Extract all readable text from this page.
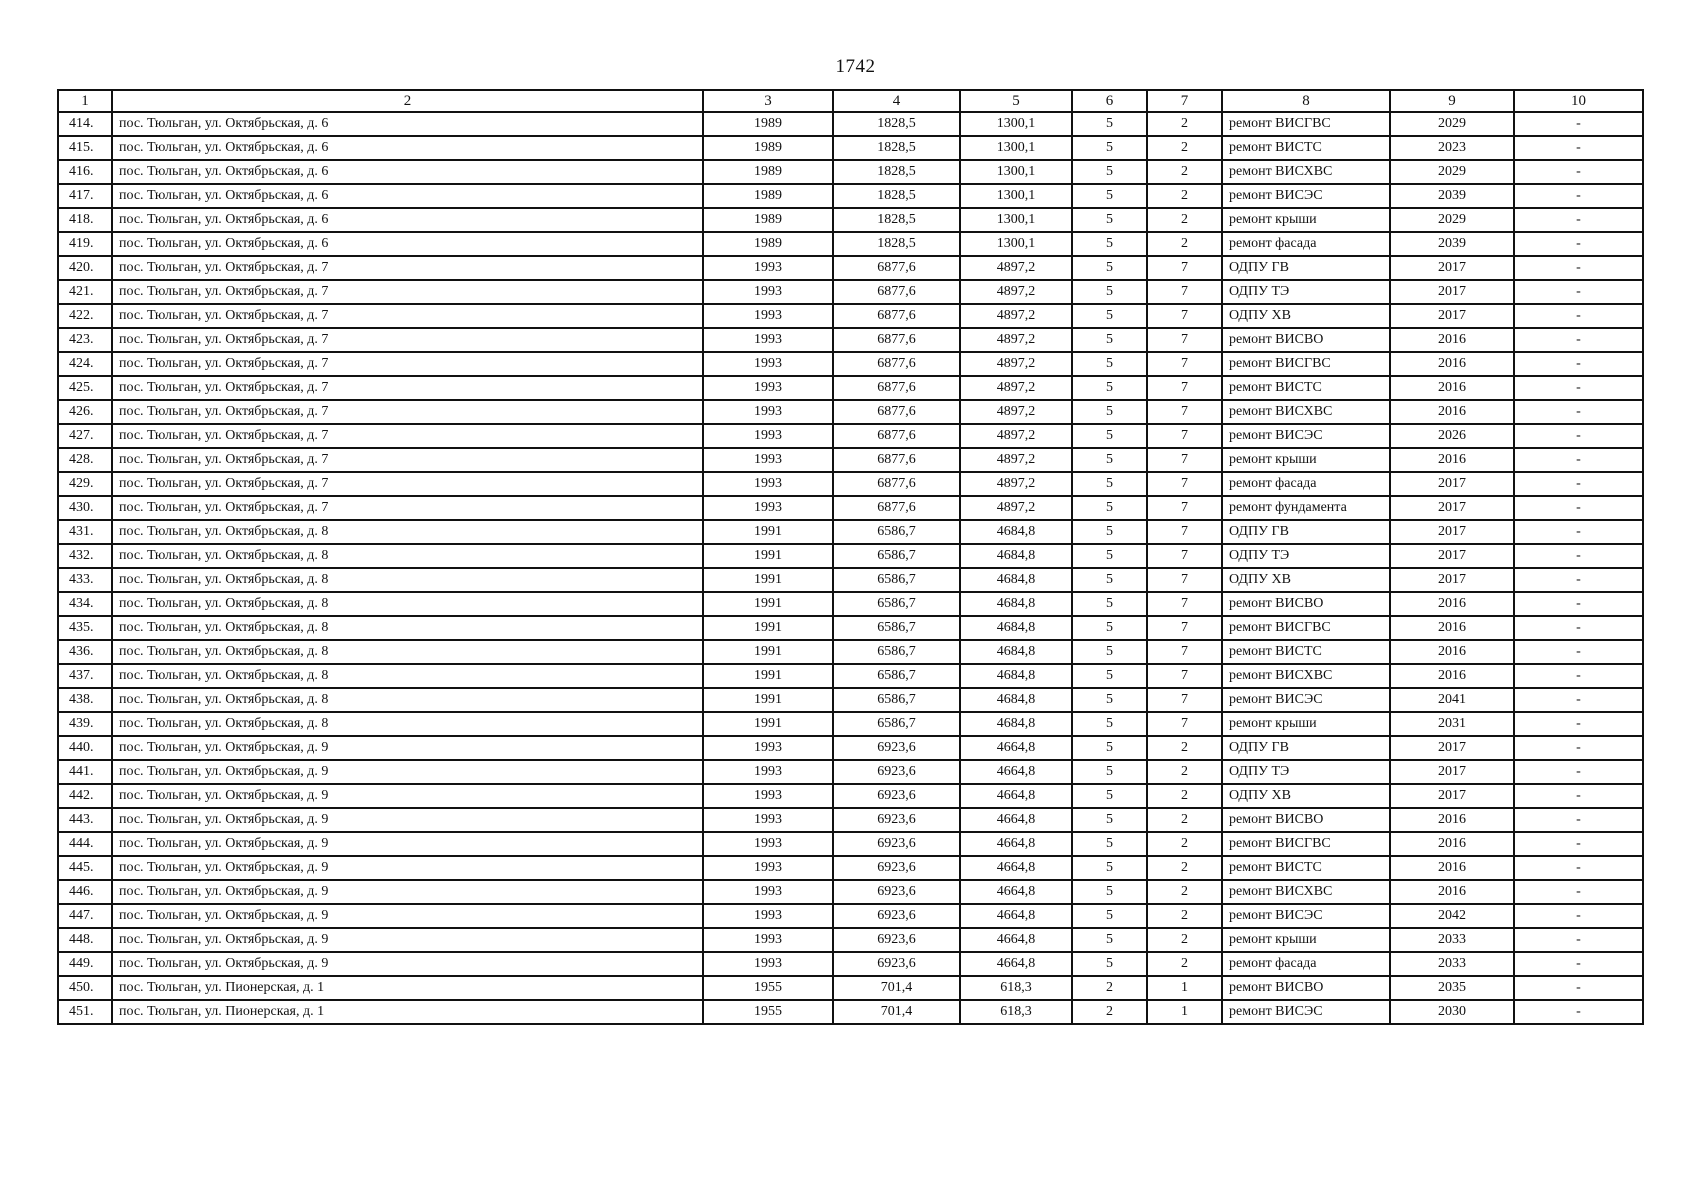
1742
1	2	3	4	5	6	7	8	9	10
414.	пос. Тюльган, ул. Октябрьская, д. 6	1989	1828,5	1300,1	5	2	ремонт ВИСГВС	2029	-
415.	пос. Тюльган, ул. Октябрьская, д. 6	1989	1828,5	1300,1	5	2	ремонт ВИСТС	2023	-
416.	пос. Тюльган, ул. Октябрьская, д. 6	1989	1828,5	1300,1	5	2	ремонт ВИСХВС	2029	-
417.	пос. Тюльган, ул. Октябрьская, д. 6	1989	1828,5	1300,1	5	2	ремонт ВИСЭС	2039	-
418.	пос. Тюльган, ул. Октябрьская, д. 6	1989	1828,5	1300,1	5	2	ремонт крыши	2029	-
419.	пос. Тюльган, ул. Октябрьская, д. 6	1989	1828,5	1300,1	5	2	ремонт фасада	2039	-
420.	пос. Тюльган, ул. Октябрьская, д. 7	1993	6877,6	4897,2	5	7	ОДПУ ГВ	2017	-
421.	пос. Тюльган, ул. Октябрьская, д. 7	1993	6877,6	4897,2	5	7	ОДПУ ТЭ	2017	-
422.	пос. Тюльган, ул. Октябрьская, д. 7	1993	6877,6	4897,2	5	7	ОДПУ ХВ	2017	-
423.	пос. Тюльган, ул. Октябрьская, д. 7	1993	6877,6	4897,2	5	7	ремонт ВИСВО	2016	-
424.	пос. Тюльган, ул. Октябрьская, д. 7	1993	6877,6	4897,2	5	7	ремонт ВИСГВС	2016	-
425.	пос. Тюльган, ул. Октябрьская, д. 7	1993	6877,6	4897,2	5	7	ремонт ВИСТС	2016	-
426.	пос. Тюльган, ул. Октябрьская, д. 7	1993	6877,6	4897,2	5	7	ремонт ВИСХВС	2016	-
427.	пос. Тюльган, ул. Октябрьская, д. 7	1993	6877,6	4897,2	5	7	ремонт ВИСЭС	2026	-
428.	пос. Тюльган, ул. Октябрьская, д. 7	1993	6877,6	4897,2	5	7	ремонт крыши	2016	-
429.	пос. Тюльган, ул. Октябрьская, д. 7	1993	6877,6	4897,2	5	7	ремонт фасада	2017	-
430.	пос. Тюльган, ул. Октябрьская, д. 7	1993	6877,6	4897,2	5	7	ремонт фундамента	2017	-
431.	пос. Тюльган, ул. Октябрьская, д. 8	1991	6586,7	4684,8	5	7	ОДПУ ГВ	2017	-
432.	пос. Тюльган, ул. Октябрьская, д. 8	1991	6586,7	4684,8	5	7	ОДПУ ТЭ	2017	-
433.	пос. Тюльган, ул. Октябрьская, д. 8	1991	6586,7	4684,8	5	7	ОДПУ ХВ	2017	-
434.	пос. Тюльган, ул. Октябрьская, д. 8	1991	6586,7	4684,8	5	7	ремонт ВИСВО	2016	-
435.	пос. Тюльган, ул. Октябрьская, д. 8	1991	6586,7	4684,8	5	7	ремонт ВИСГВС	2016	-
436.	пос. Тюльган, ул. Октябрьская, д. 8	1991	6586,7	4684,8	5	7	ремонт ВИСТС	2016	-
437.	пос. Тюльган, ул. Октябрьская, д. 8	1991	6586,7	4684,8	5	7	ремонт ВИСХВС	2016	-
438.	пос. Тюльган, ул. Октябрьская, д. 8	1991	6586,7	4684,8	5	7	ремонт ВИСЭС	2041	-
439.	пос. Тюльган, ул. Октябрьская, д. 8	1991	6586,7	4684,8	5	7	ремонт крыши	2031	-
440.	пос. Тюльган, ул. Октябрьская, д. 9	1993	6923,6	4664,8	5	2	ОДПУ ГВ	2017	-
441.	пос. Тюльган, ул. Октябрьская, д. 9	1993	6923,6	4664,8	5	2	ОДПУ ТЭ	2017	-
442.	пос. Тюльган, ул. Октябрьская, д. 9	1993	6923,6	4664,8	5	2	ОДПУ ХВ	2017	-
443.	пос. Тюльган, ул. Октябрьская, д. 9	1993	6923,6	4664,8	5	2	ремонт ВИСВО	2016	-
444.	пос. Тюльган, ул. Октябрьская, д. 9	1993	6923,6	4664,8	5	2	ремонт ВИСГВС	2016	-
445.	пос. Тюльган, ул. Октябрьская, д. 9	1993	6923,6	4664,8	5	2	ремонт ВИСТС	2016	-
446.	пос. Тюльган, ул. Октябрьская, д. 9	1993	6923,6	4664,8	5	2	ремонт ВИСХВС	2016	-
447.	пос. Тюльган, ул. Октябрьская, д. 9	1993	6923,6	4664,8	5	2	ремонт ВИСЭС	2042	-
448.	пос. Тюльган, ул. Октябрьская, д. 9	1993	6923,6	4664,8	5	2	ремонт крыши	2033	-
449.	пос. Тюльган, ул. Октябрьская, д. 9	1993	6923,6	4664,8	5	2	ремонт фасада	2033	-
450.	пос. Тюльган, ул. Пионерская, д. 1	1955	701,4	618,3	2	1	ремонт ВИСВО	2035	-
451.	пос. Тюльган, ул. Пионерская, д. 1	1955	701,4	618,3	2	1	ремонт ВИСЭС	2030	-
